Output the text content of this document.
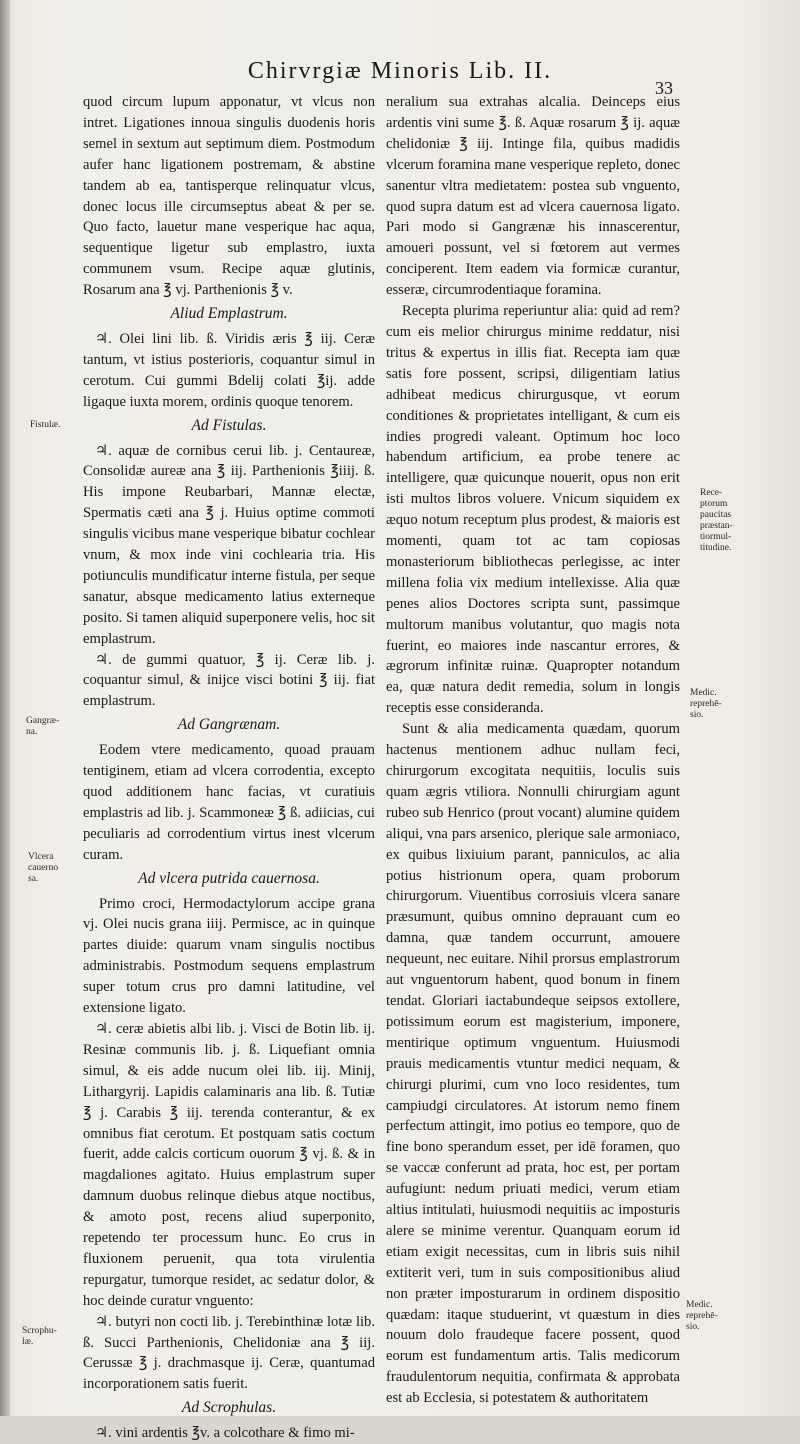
Chirvrgiæ Minoris Lib. II.
33

quod circum lupum apponatur, vt vlcus non intret. Ligationes innoua singulis duodenis horis semel in sextum aut septimum diem. Postmodum aufer hanc ligationem postremam, & abstine tandem ab ea, tantisperque relinquatur vlcus, donec locus ille circumseptus abeat & per se. Quo facto, lauetur mane vesperique hac aqua, sequentique ligetur sub emplastro, iuxta communem vsum. Recipe aquæ glutinis, Rosarum ana ℥ vj. Parthenionis ℥ v.

Aliud Emplastrum.

♃. Olei lini lib. ß. Viridis æris ℥ iij. Ceræ tantum, vt istius posterioris, coquantur simul in cerotum. Cui gummi Bdelij colati ℥ij. adde ligaque iuxta morem, ordinis quoque tenorem.

Ad Fistulas.

♃. aquæ de cornibus cerui lib. j. Centaureæ, Consolidæ aureæ ana ℥ iij. Parthenionis ℥iiij. ß. His impone Reubarbari, Mannæ electæ, Spermatis cæti ana ℥ j. Huius optime commoti singulis vicibus mane vesperique bibatur cochlear vnum, & mox inde vini cochlearia tria. His potiunculis mundificatur interne fistula, per seque sanatur, absque medicamento latius externeque posito. Si tamen aliquid superponere velis, hoc sit emplastrum.

♃. de gummi quatuor, ℥ ij. Ceræ lib. j. coquantur simul, & inijce visci botini ℥ iij. fiat emplastrum.

Ad Gangrænam.

Eodem vtere medicamento, quoad prauam tentiginem, etiam ad vlcera corrodentia, excepto quod additionem hanc facias, vt curatiuis emplastris ad lib. j. Scammoneæ ℥ ß. adiicias, cui peculiaris ad corrodentium virtus inest vlcerum curam.

Ad vlcera putrida cauernosa.

Primo croci, Hermodactylorum accipe grana vj. Olei nucis grana iiij. Permisce, ac in quinque partes diuide: quarum vnam singulis noctibus administrabis. Postmodum sequens emplastrum super totum crus pro damni latitudine, vel extensione ligato.

♃. ceræ abietis albi lib. j. Visci de Botin lib. ij. Resinæ communis lib. j. ß. Liquefiant omnia simul, & eis adde nucum olei lib. iij. Minij, Lithargyrij. Lapidis calaminaris ana lib. ß. Tutiæ ℥ j. Carabis ℥ iij. terenda conterantur, & ex omnibus fiat cerotum. Et postquam satis coctum fuerit, adde calcis corticum ouorum ℥ vj. ß. & in magdaliones agitato. Huius emplastrum super damnum duobus relinque diebus atque noctibus, & amoto post, recens aliud superponito, repetendo ter processum hunc. Eo crus in fluxionem peruenit, qua tota virulentia repurgatur, tumorque residet, ac sedatur dolor, & hoc deinde curatur vnguento:

♃. butyri non cocti lib. j. Terebinthinæ lotæ lib. ß. Succi Parthenionis, Chelidoniæ ana ℥ iij. Cerussæ ℥ j. drachmasque ij. Ceræ, quantumad incorporationem satis fuerit.

Ad Scrophulas.

♃. vini ardentis ℥v. a colcothare & fimo mi-

neralium sua extrahas alcalia. Deinceps eius ardentis vini sume ℥. ß. Aquæ rosarum ℥ ij. aquæ chelidoniæ ℥ iij. Intinge fila, quibus madidis vlcerum foramina mane vesperique repleto, donec sanentur vltra medietatem: postea sub vnguento, quod supra datum est ad vlcera cauernosa ligato. Pari modo si Gangrænæ his innascerentur, amoueri possunt, vel si fœtorem aut vermes conciperent. Item eadem via formicæ curantur, esseræ, circumrodentiaque foramina.

Recepta plurima reperiuntur alia: quid ad rem? cum eis melior chirurgus minime reddatur, nisi tritus & expertus in illis fiat. Recepta iam quæ satis fore possent, scripsi, diligentiam latius adhibeat medicus chirurgusque, vt eorum conditiones & proprietates intelligant, & cum eis indies progredi valeant. Optimum hoc loco habendum artificium, ea probe tenere ac intelligere, quæ quicunque nouerit, opus non erit isti multos libros voluere. Vnicum siquidem ex æquo notum receptum plus prodest, & maioris est momenti, quam tot ac tam copiosas monasteriorum bibliothecas perlegisse, ac inter millena folia vix medium intellexisse. Alia quæ penes alios Doctores scripta sunt, passimque multorum manibus volutantur, quo magis nota fuerint, eo maiores inde nascantur errores, & ægrorum infinitæ ruinæ. Quapropter notandum ea, quæ natura dedit remedia, solum in longis receptis esse consideranda.

Sunt & alia medicamenta quædam, quorum hactenus mentionem adhuc nullam feci, chirurgorum excogitata nequitiis, loculis suis quam ægris vtiliora. Nonnulli chirurgiam agunt rubeo sub Henrico (prout vocant) alumine quidem aliqui, vna pars arsenico, plerique sale armoniaco, ex quibus lixiuium parant, panniculos, ac alia potius histrionum opera, quam proborum chirurgorum. Viuentibus corrosiuis vlcera sanare præsumunt, quibus omnino deprauant cum eo damna, quæ tandem occurrunt, amouere nequeunt, nec euitare. Nihil prorsus emplastrorum aut vnguentorum habent, quod bonum in finem tendat. Gloriari iactabundeque seipsos extollere, potissimum eorum est magisterium, imponere, mentirique optimum vnguentum. Huiusmodi prauis medicamentis vtuntur medici nequam, & chirurgi plurimi, cum vno loco residentes, tum campiudgi circulatores. At istorum nemo finem perfectum attingit, imo potius eo tempore, quo de fine bono sperandum esset, per idē foramen, quo se vaccæ conferunt ad prata, hoc est, per portam aufugiunt: nedum priuati medici, verum etiam altius intitulati, huiusmodi nequitiis ac imposturis alere se minime verentur. Quanquam eorum id etiam exigit necessitas, cum in libris suis nihil extiterit veri, tum in suis compositionibus aliud non præter imposturarum in ordinem dispositio quædam: itaque studuerint, vt quæstum in dies nouum dolo fraudeque facere possent, quod eorum est fundamentum artis. Talis medicorum fraudulentorum nequitia, confirmata & approbata est ab Ecclesia, si potestatem & authoritatem

Fistulæ.
Gangræ-
na.
Vlcera
cauerno
sa.
Scrophu-
læ.
Rece-
ptorum
paucitas
præstan-
tiormul-
titudine.
Medic.
reprehē-
sio.
Medic.
reprehē-
sio.
